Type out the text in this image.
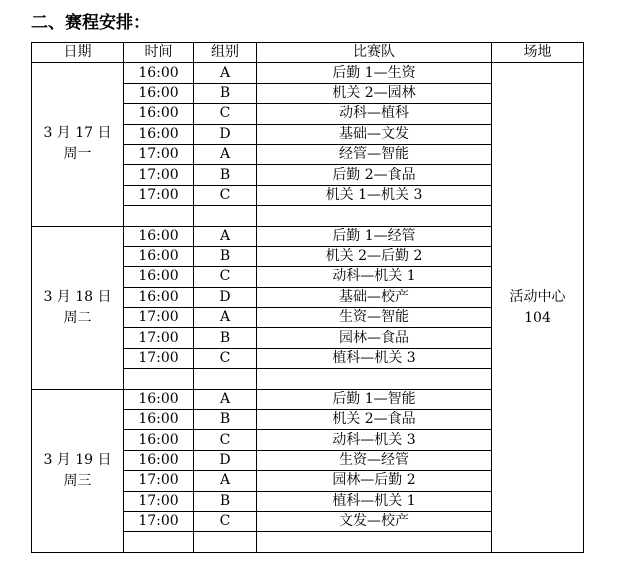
二、赛程安排：
日期	时间	组别	比赛队	场地

3 月 17 日
周一	16:00	A	后勤 1—生资	活动中心
104

	16:00	B	机关 2—园林	
	16:00	C	动科—植科	
	16:00	D	基础—文发	
	17:00	A	经管—智能	
	17:00	B	后勤 2—食品	
	17:00	C	机关 1—机关 3	

3 月 18 日
周二	16:00	A	后勤 1—经管	
	16:00	B	机关 2—后勤 2	
	16:00	C	动科—机关 1	
	16:00	D	基础—校产	
	17:00	A	生资—智能	
	17:00	B	园林—食品	
	17:00	C	植科—机关 3	

3 月 19 日
周三	16:00	A	后勤 1—智能	
	16:00	B	机关 2—食品	
	16:00	C	动科—机关 3	
	16:00	D	生资—经管	
	17:00	A	园林—后勤 2	
	17:00	B	植科—机关 1	
	17:00	C	文发—校产	
